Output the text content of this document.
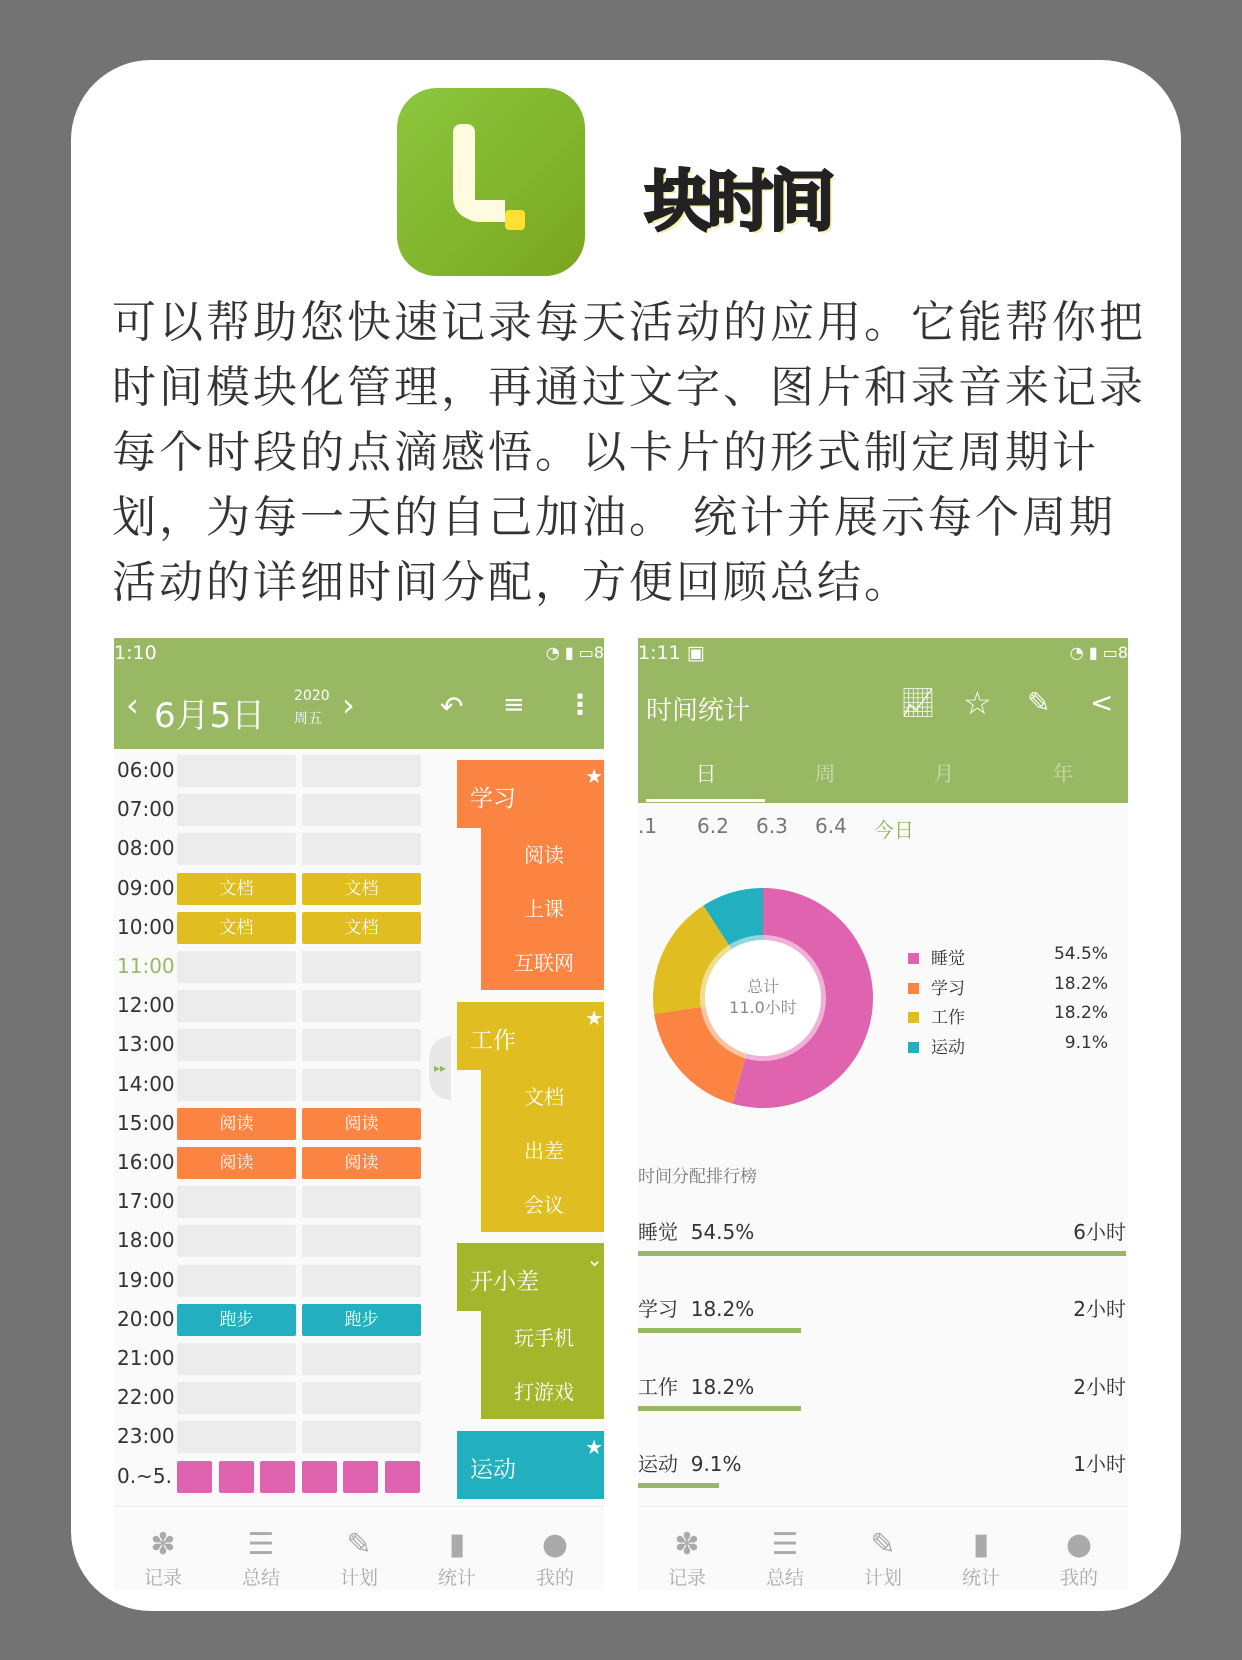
块时间
可以帮助您快速记录每天活动的应用。它能帮你把时间模块化管理，再通过文字、图片和录音来记录每个时段的点滴感悟。以卡片的形式制定周期计划，为每一天的自己加油。 统计并展示每个周期活动的详细时间分配，方便回顾总结。
1:10	◔ ▮ ▭8
‹ 6月5日 2020
周五 ›	↶ ≡ ⋮
06:00
07:00
08:00
09:00	文档	文档
10:00	文档	文档
11:00
12:00
13:00
14:00
15:00	阅读	阅读
16:00	阅读	阅读
17:00
18:00
19:00
20:00	跑步	跑步
21:00
22:00
23:00
0.~5.
▸▸
学习
★
阅读
上课
互联网
工作
★
文档
出差
会议
开小差
⌄
玩手机
打游戏
运动
★
✽
记录
☰
总结
✎
计划
▮
统计
●
我的
1:11 ▣	◔ ▮ ▭8
时间统计	📈︎ ☆ ✎ <
日	周	月	年
.1 6.2 6.3 6.4 今日
总计
11.0小时
睡觉	54.5%
学习	18.2%
工作	18.2%
运动	9.1%
时间分配排行榜
睡觉  54.5%	6小时
学习  18.2%	2小时
工作  18.2%	2小时
运动  9.1%	1小时
✽
记录
☰
总结
✎
计划
▮
统计
●
我的
